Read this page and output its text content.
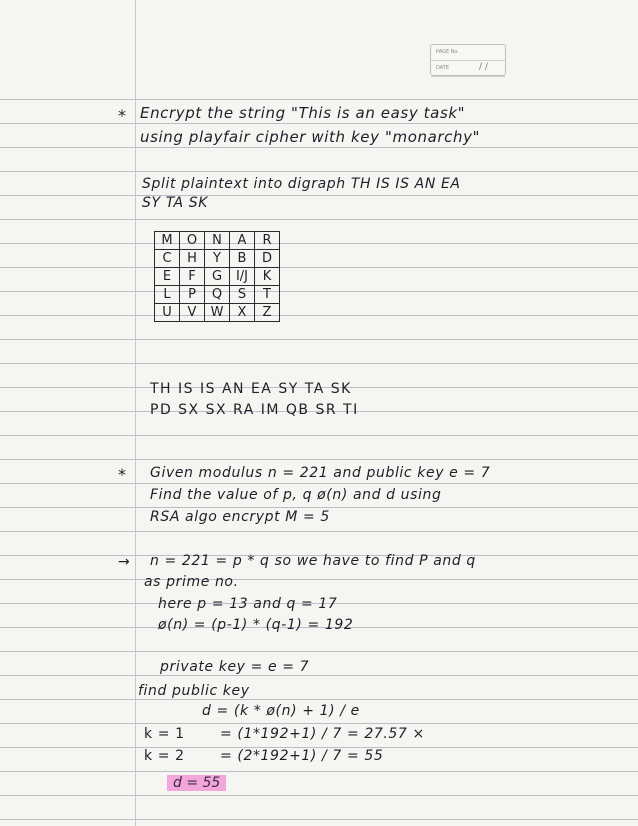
PAGE No.
DATE	/ /
* Encrypt the string "This is an easy task"
using playfair cipher with key "monarchy"
Split plaintext into digraph TH IS IS AN EA
SY TA SK
M	O	N	A	R
C	H	Y	B	D
E	F	G	I/J	K
L	P	Q	S	T
U	V	W	X	Z
TH IS IS AN EA SY TA SK
PD SX SX RA IM QB SR TI
* Given modulus n = 221 and public key e = 7
Find the value of p, q ø(n) and d using
RSA algo encrypt M = 5
→ n = 221 = p * q so we have to find P and q
as prime no.
here p = 13 and q = 17
ø(n) = (p-1) * (q-1) = 192
private key = e = 7
find public key
d = (k * ø(n) + 1) / e
k = 1	= (1*192+1) / 7 = 27.57 ×
k = 2	= (2*192+1) / 7 = 55
d = 55
